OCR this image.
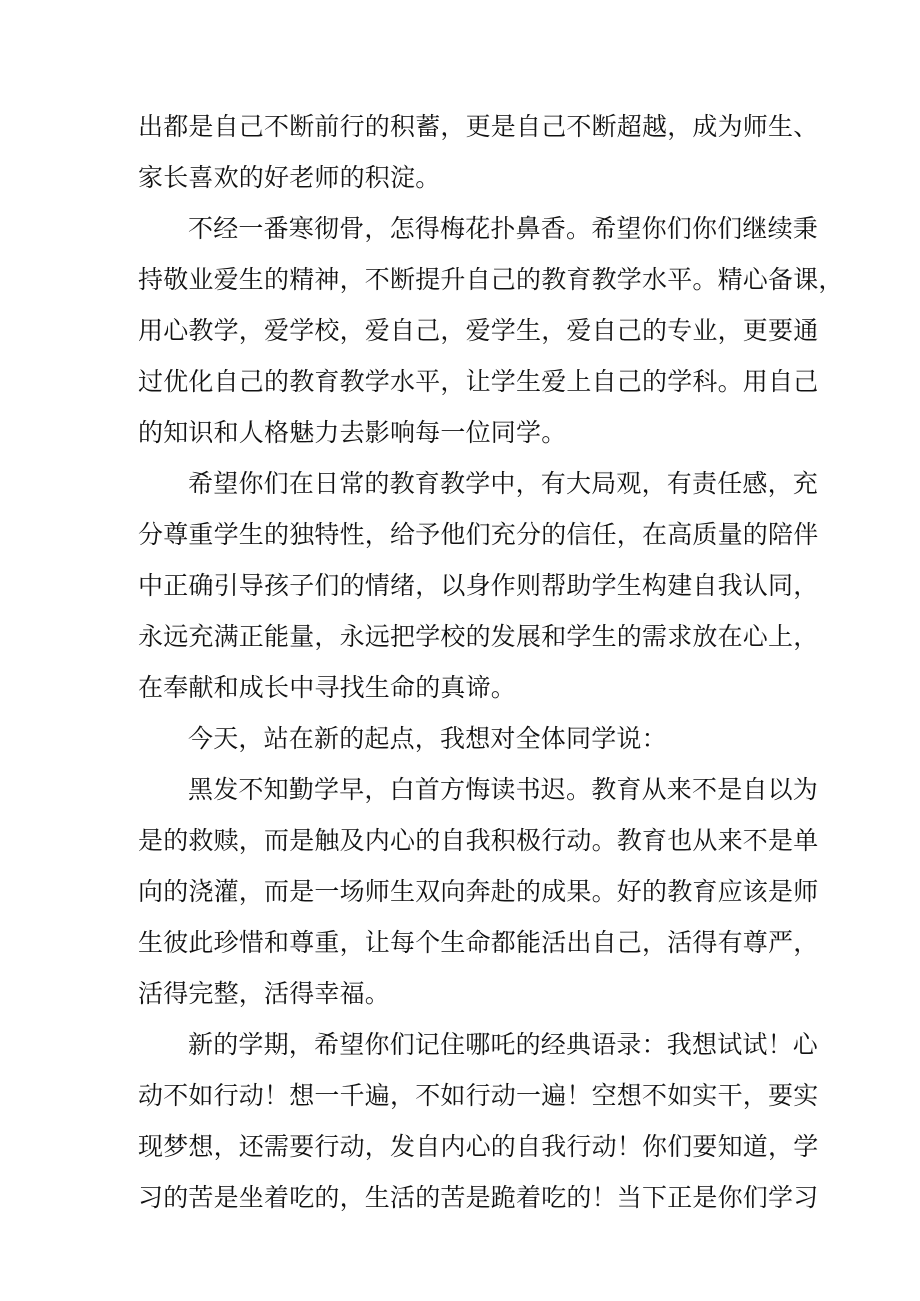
出都是自己不断前行的积蓄，更是自己不断超越，成为师生、
家长喜欢的好老师的积淀。
不经一番寒彻骨，怎得梅花扑鼻香。希望你们你们继续秉
持敬业爱生的精神，不断提升自己的教育教学水平。精心备课，
用心教学，爱学校，爱自己，爱学生，爱自己的专业，更要通
过优化自己的教育教学水平，让学生爱上自己的学科。用自己
的知识和人格魅力去影响每一位同学。
希望你们在日常的教育教学中，有大局观，有责任感，充
分尊重学生的独特性，给予他们充分的信任，在高质量的陪伴
中正确引导孩子们的情绪，以身作则帮助学生构建自我认同，
永远充满正能量，永远把学校的发展和学生的需求放在心上，
在奉献和成长中寻找生命的真谛。
今天，站在新的起点，我想对全体同学说：
黑发不知勤学早，白首方悔读书迟。教育从来不是自以为
是的救赎，而是触及内心的自我积极行动。教育也从来不是单
向的浇灌，而是一场师生双向奔赴的成果。好的教育应该是师
生彼此珍惜和尊重，让每个生命都能活出自己，活得有尊严，
活得完整，活得幸福。
新的学期，希望你们记住哪吒的经典语录：我想试试！心
动不如行动！想一千遍，不如行动一遍！空想不如实干，要实
现梦想，还需要行动，发自内心的自我行动！你们要知道，学
习的苦是坐着吃的，生活的苦是跪着吃的！当下正是你们学习
